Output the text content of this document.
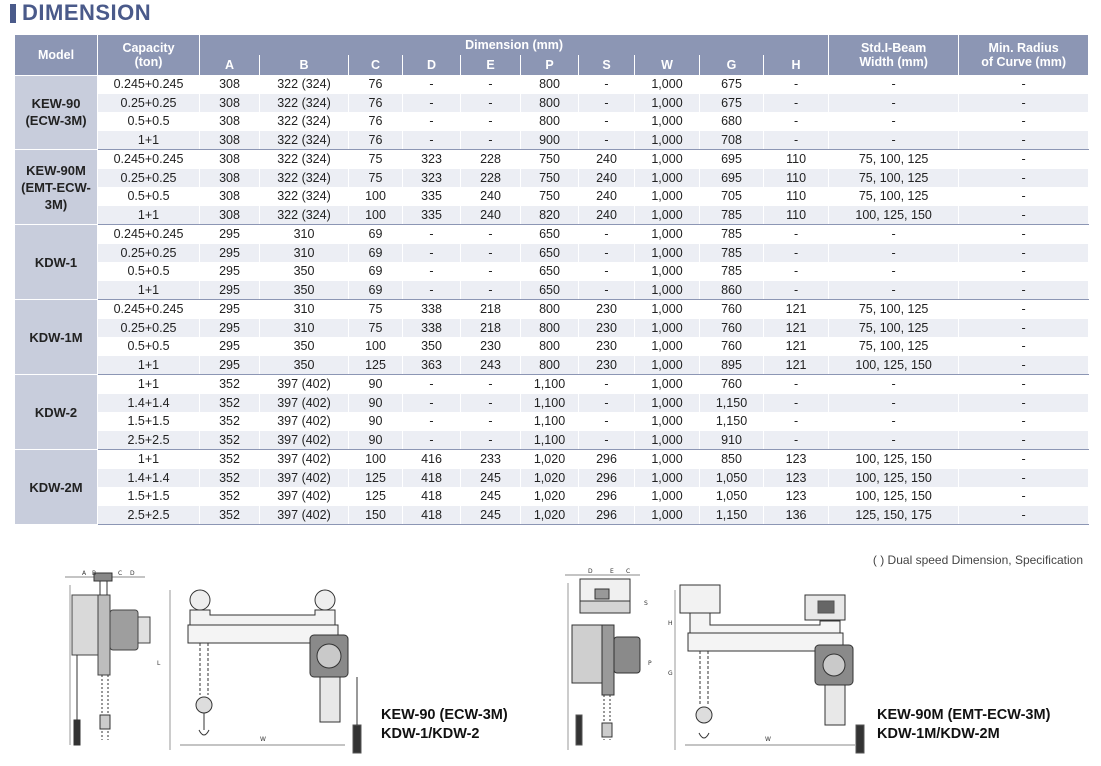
DIMENSION
Model	Capacity
(ton)	Dimension (mm)										Std.I-Beam
Width (mm)	Min. Radius
of Curve (mm)
		A	B	C	D	E	P	S	W	G	H		
KEW-90
(ECW-3M)	0.245+0.245	308	322 (324)	76	-	-	800	-	1,000	675	-	-	-
	0.25+0.25	308	322 (324)	76	-	-	800	-	1,000	675	-	-	-
	0.5+0.5	308	322 (324)	76	-	-	800	-	1,000	680	-	-	-
	1+1	308	322 (324)	76	-	-	900	-	1,000	708	-	-	-
KEW-90M
(EMT-ECW-3M)	0.245+0.245	308	322 (324)	75	323	228	750	240	1,000	695	110	75, 100, 125	-
	0.25+0.25	308	322 (324)	75	323	228	750	240	1,000	695	110	75, 100, 125	-
	0.5+0.5	308	322 (324)	100	335	240	750	240	1,000	705	110	75, 100, 125	-
	1+1	308	322 (324)	100	335	240	820	240	1,000	785	110	100, 125, 150	-
KDW-1	0.245+0.245	295	310	69	-	-	650	-	1,000	785	-	-	-
	0.25+0.25	295	310	69	-	-	650	-	1,000	785	-	-	-
	0.5+0.5	295	350	69	-	-	650	-	1,000	785	-	-	-
	1+1	295	350	69	-	-	650	-	1,000	860	-	-	-
KDW-1M	0.245+0.245	295	310	75	338	218	800	230	1,000	760	121	75, 100, 125	-
	0.25+0.25	295	310	75	338	218	800	230	1,000	760	121	75, 100, 125	-
	0.5+0.5	295	350	100	350	230	800	230	1,000	760	121	75, 100, 125	-
	1+1	295	350	125	363	243	800	230	1,000	895	121	100, 125, 150	-
KDW-2	1+1	352	397 (402)	90	-	-	1,100	-	1,000	760	-	-	-
	1.4+1.4	352	397 (402)	90	-	-	1,100	-	1,000	1,150	-	-	-
	1.5+1.5	352	397 (402)	90	-	-	1,100	-	1,000	1,150	-	-	-
	2.5+2.5	352	397 (402)	90	-	-	1,100	-	1,000	910	-	-	-
KDW-2M	1+1	352	397 (402)	100	416	233	1,020	296	1,000	850	123	100, 125, 150	-
	1.4+1.4	352	397 (402)	125	418	245	1,020	296	1,000	1,050	123	100, 125, 150	-
	1.5+1.5	352	397 (402)	125	418	245	1,020	296	1,000	1,050	123	100, 125, 150	-
	2.5+2.5	352	397 (402)	150	418	245	1,020	296	1,000	1,150	136	125, 150, 175	-
( ) Dual speed Dimension, Specification
A B	C D
L
W
KEW-90 (ECW-3M)
KDW-1/KDW-2
D	E C
S
P
G
H
W
KEW-90M (EMT-ECW-3M)
KDW-1M/KDW-2M
